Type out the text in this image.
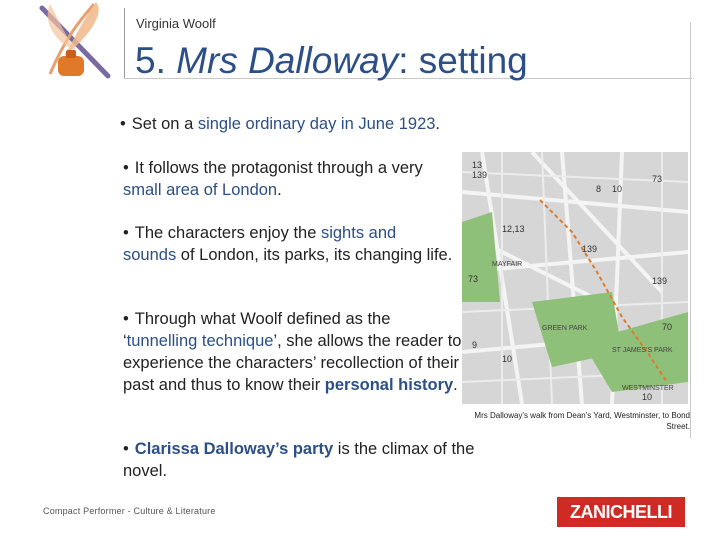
Virginia Woolf
5. Mrs Dalloway: setting
• Set on a single ordinary day in June 1923.
• It follows the protagonist through a very small area of London.
• The characters enjoy the sights and sounds of London, its parks, its changing life.
• Through what Woolf defined as the ‘tunnelling technique’, she allows the reader to experience the characters’ recollection of their past and thus to know their personal history.
• Clarissa Dalloway’s party is the climax of the novel.
MAYFAIR
GREEN PARK
ST JAMES'S PARK
WESTMINSTER
13
139
8 10
73
12,13
73	139
9
10
139
70
10
Mrs Dalloway's walk from Dean's Yard, Westminster, to Bond Street.
Compact Performer - Culture & Literature	ZANICHELLI
